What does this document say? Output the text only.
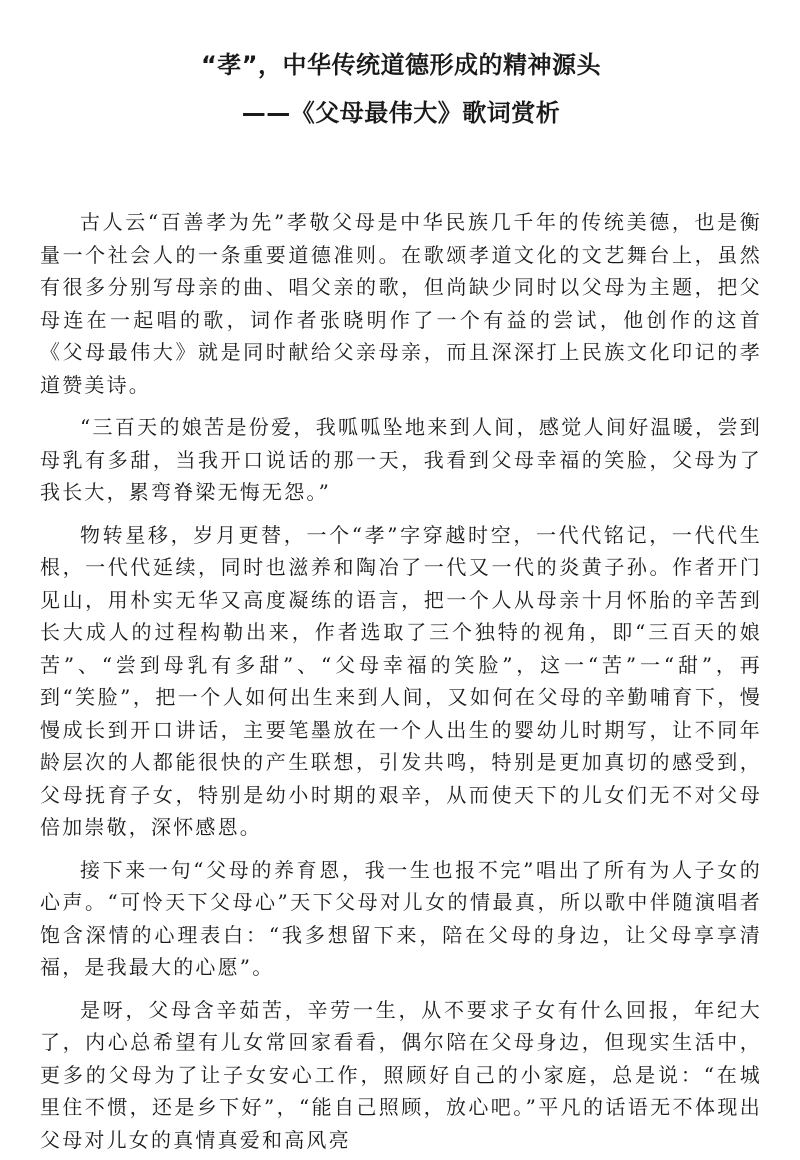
“孝”，中华传统道德形成的精神源头
——《父母最伟大》歌词赏析

古人云“百善孝为先”孝敬父母是中华民族几千年的传统美德，也是衡量一个社会人的一条重要道德准则。在歌颂孝道文化的文艺舞台上，虽然有很多分别写母亲的曲、唱父亲的歌，但尚缺少同时以父母为主题，把父母连在一起唱的歌，词作者张晓明作了一个有益的尝试，他创作的这首《父母最伟大》就是同时献给父亲母亲，而且深深打上民族文化印记的孝道赞美诗。

“三百天的娘苦是份爱，我呱呱坠地来到人间，感觉人间好温暖，尝到母乳有多甜，当我开口说话的那一天，我看到父母幸福的笑脸，父母为了我长大，累弯脊梁无悔无怨。”

物转星移，岁月更替，一个“孝”字穿越时空，一代代铭记，一代代生根，一代代延续，同时也滋养和陶冶了一代又一代的炎黄子孙。作者开门见山，用朴实无华又高度凝练的语言，把一个人从母亲十月怀胎的辛苦到长大成人的过程构勒出来，作者选取了三个独特的视角，即“三百天的娘苦”、“尝到母乳有多甜”、“父母幸福的笑脸”，这一“苦”一“甜”，再到“笑脸”，把一个人如何出生来到人间，又如何在父母的辛勤哺育下，慢慢成长到开口讲话，主要笔墨放在一个人出生的婴幼儿时期写，让不同年龄层次的人都能很快的产生联想，引发共鸣，特别是更加真切的感受到，父母抚育子女，特别是幼小时期的艰辛，从而使天下的儿女们无不对父母倍加崇敬，深怀感恩。

接下来一句“父母的养育恩，我一生也报不完”唱出了所有为人子女的心声。“可怜天下父母心”天下父母对儿女的情最真，所以歌中伴随演唱者饱含深情的心理表白：“我多想留下来，陪在父母的身边，让父母享享清福，是我最大的心愿”。

是呀，父母含辛茹苦，辛劳一生，从不要求子女有什么回报，年纪大了，内心总希望有儿女常回家看看，偶尔陪在父母身边，但现实生活中，更多的父母为了让子女安心工作，照顾好自己的小家庭，总是说：“在城里住不惯，还是乡下好”，“能自己照顾，放心吧。”平凡的话语无不体现出父母对儿女的真情真爱和高风亮
